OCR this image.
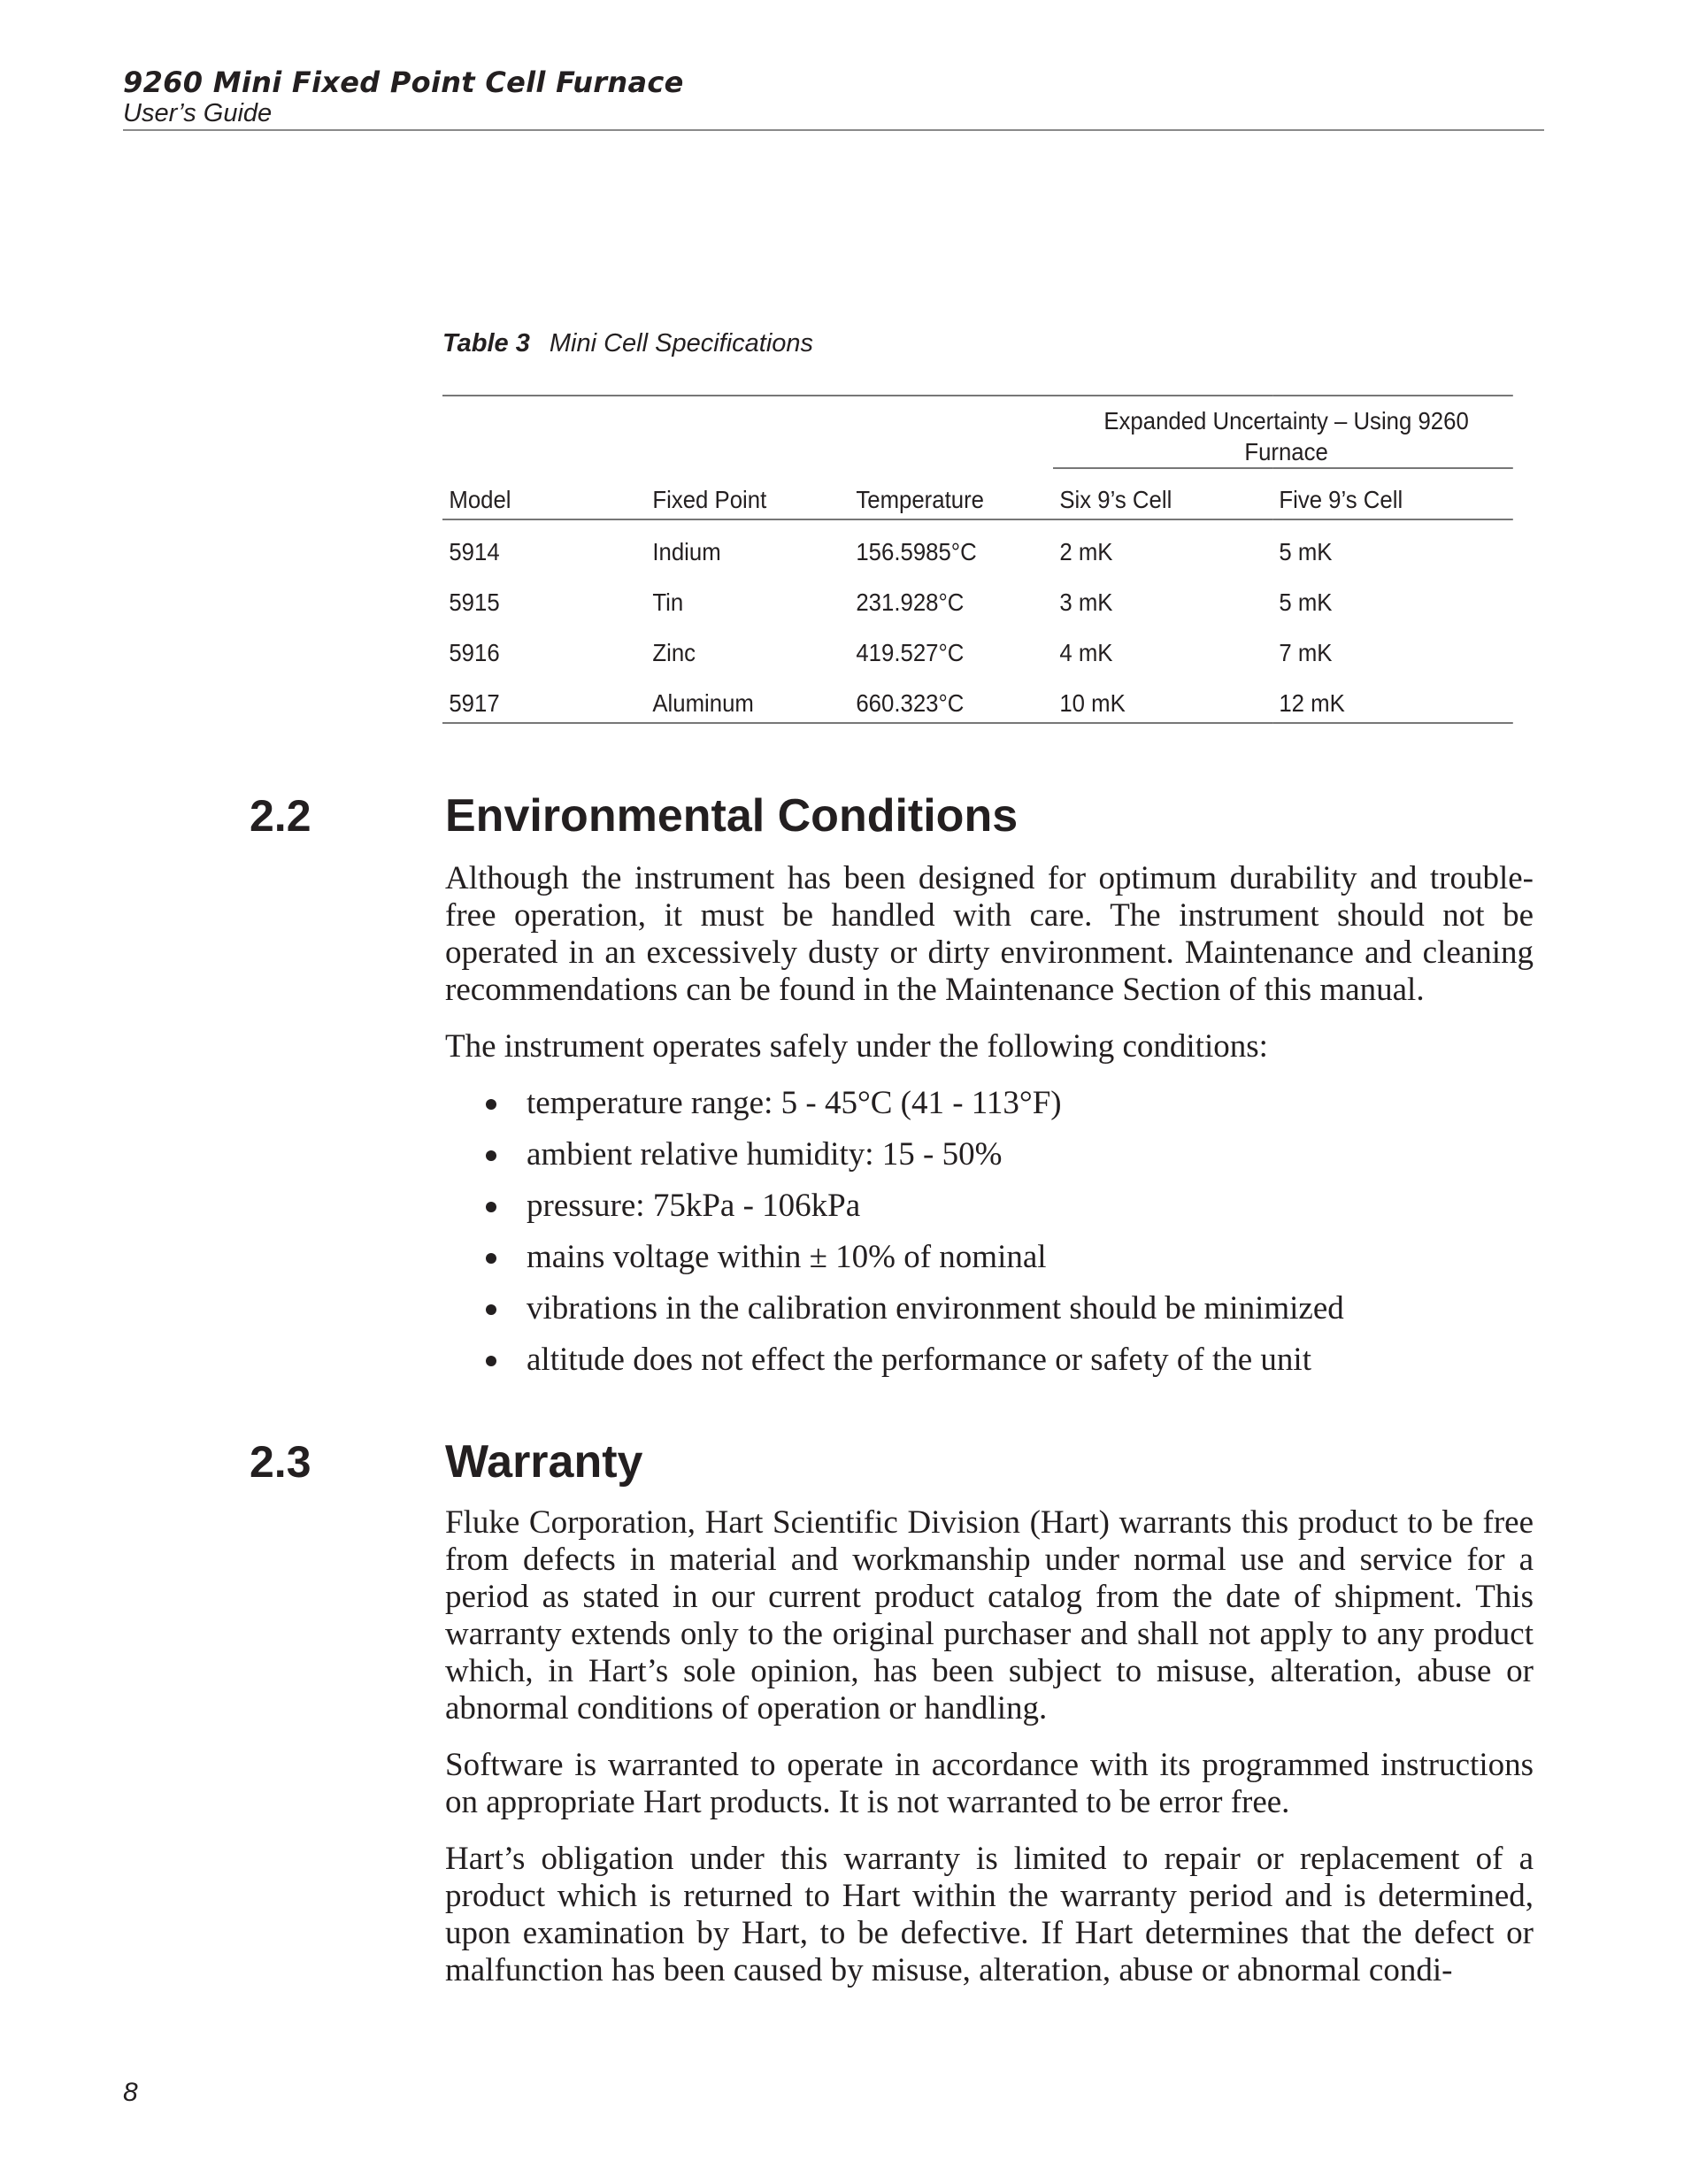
9260 Mini Fixed Point Cell Furnace
User’s Guide
Table 3 Mini Cell Specifications

			Expanded Uncertainty – Using 9260 Furnace	
Model	Fixed Point	Temperature	Six 9’s Cell	Five 9’s Cell
5914	Indium	156.5985°C	2 mK	5 mK
5915	Tin	231.928°C	3 mK	5 mK
5916	Zinc	419.527°C	4 mK	7 mK
5917	Aluminum	660.323°C	10 mK	12 mK
2.2	Environmental Conditions

Although the instrument has been designed for optimum durability and trouble-free operation, it must be handled with care. The instrument should not be operated in an excessively dusty or dirty environment. Maintenance and cleaning recommendations can be found in the Maintenance Section of this manual.

The instrument operates safely under the following conditions:

temperature range: 5 - 45°C (41 - 113°F)
ambient relative humidity: 15 - 50%
pressure: 75kPa - 106kPa
mains voltage within ± 10% of nominal
vibrations in the calibration environment should be minimized
altitude does not effect the performance or safety of the unit
2.3	Warranty

Fluke Corporation, Hart Scientific Division (Hart) warrants this product to be free from defects in material and workmanship under normal use and service for a period as stated in our current product catalog from the date of shipment. This warranty extends only to the original purchaser and shall not apply to any product which, in Hart’s sole opinion, has been subject to misuse, alteration, abuse or abnormal conditions of operation or handling.

Software is warranted to operate in accordance with its programmed instructions on appropriate Hart products. It is not warranted to be error free.

Hart’s obligation under this warranty is limited to repair or replacement of a product which is returned to Hart within the warranty period and is determined, upon examination by Hart, to be defective. If Hart determines that the defect or malfunction has been caused by misuse, alteration, abuse or abnormal condi-

8
